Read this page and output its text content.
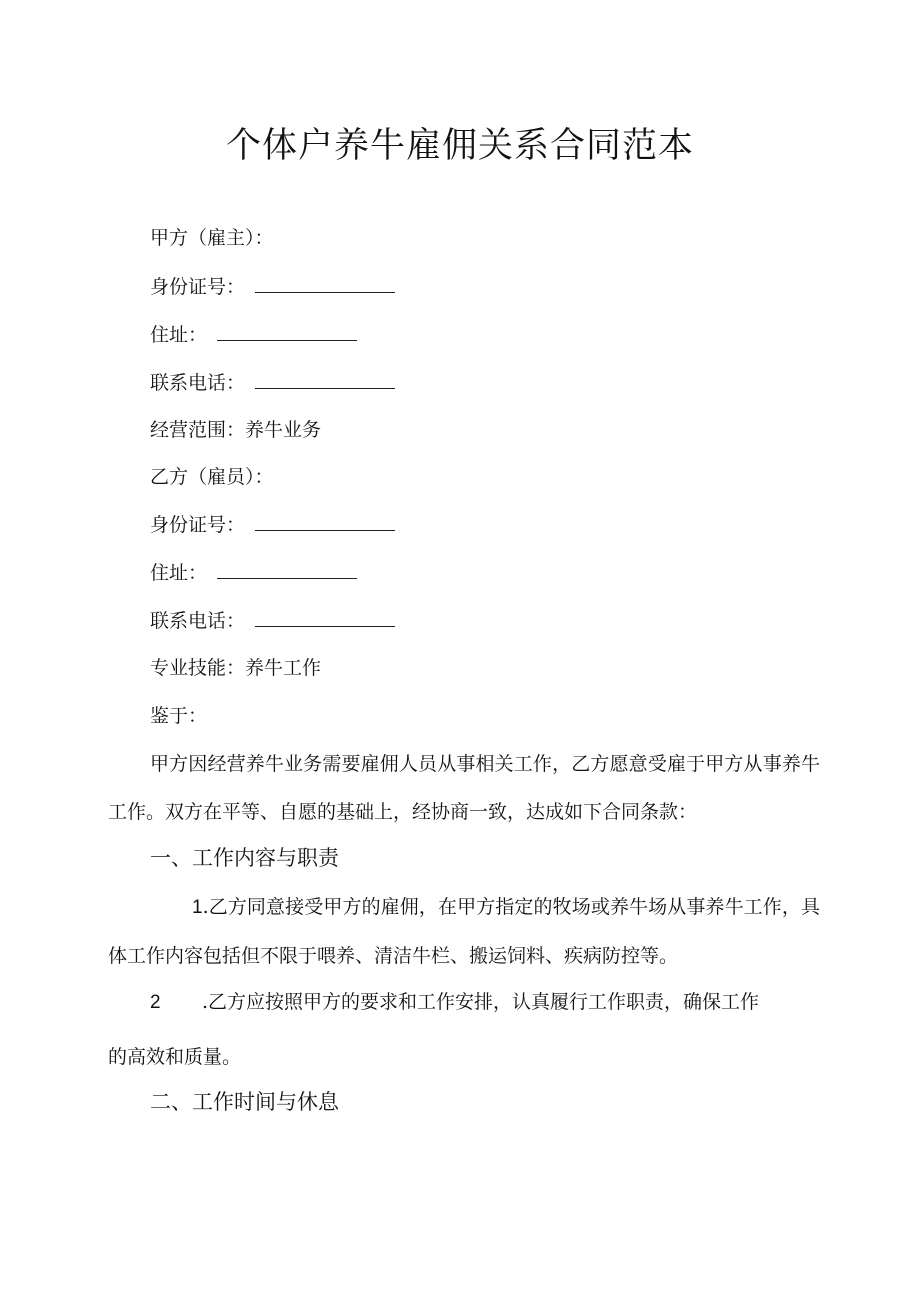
个体户养牛雇佣关系合同范本
甲方（雇主）：
身份证号：
住址：
联系电话：
经营范围：养牛业务
乙方（雇员）：
身份证号：
住址：
联系电话：
专业技能：养牛工作
鉴于：
甲方因经营养牛业务需要雇佣人员从事相关工作，乙方愿意受雇于甲方从事养牛工作。双方在平等、自愿的基础上，经协商一致，达成如下合同条款：
一、工作内容与职责
1.乙方同意接受甲方的雇佣，在甲方指定的牧场或养牛场从事养牛工作，具体工作内容包括但不限于喂养、清洁牛栏、搬运饲料、疾病防控等。
2 .乙方应按照甲方的要求和工作安排，认真履行工作职责，确保工作
的高效和质量。
二、工作时间与休息
